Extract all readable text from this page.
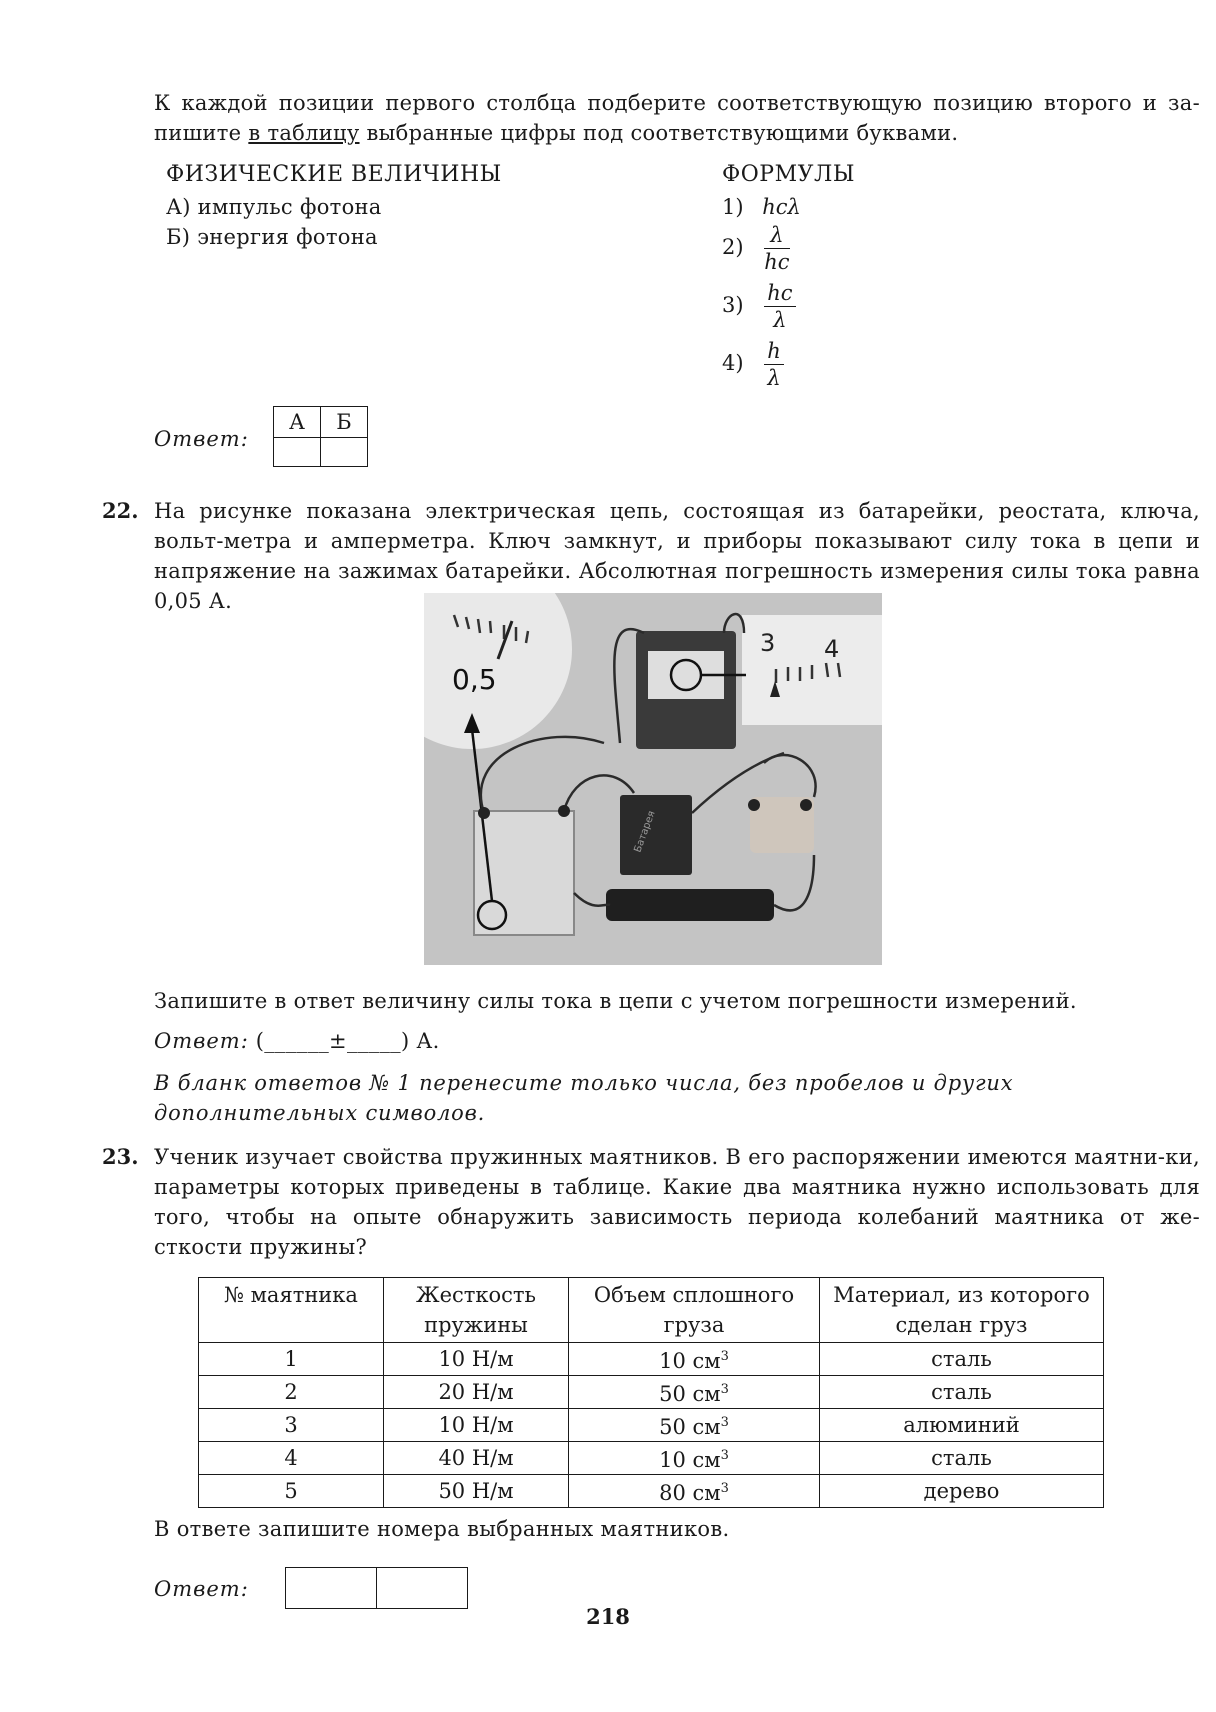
К каждой позиции первого столбца подберите соответствующую позицию второго и за-пишите в таблицу выбранные цифры под соответствующими буквами.
ФИЗИЧЕСКИЕ ВЕЛИЧИНЫ	ФОРМУЛЫ
А) импульс фотона
Б) энергия фотона
1) hcλ
$2) \frac{\lambda}{hc}$
$3) \frac{hc}{\lambda}$
$4) \frac{h}{\lambda}$
Ответ:
А	Б

22. На рисунке показана электрическая цепь, состоящая из батарейки, реостата, ключа, вольт-метра и амперметра. Ключ замкнут, и приборы показывают силу тока в цепи и напряжение на зажимах батарейки. Абсолютная погрешность измерения силы тока равна 0,05 А.
0,5
3 4
Батарея
Запишите в ответ величину силы тока в цепи с учетом погрешности измерений.
Ответ: (______±_____) А.
В бланк ответов № 1 перенесите только числа, без пробелов и других дополнительных символов.
23. Ученик изучает свойства пружинных маятников. В его распоряжении имеются маятни-ки, параметры которых приведены в таблице. Какие два маятника нужно использовать для того, чтобы на опыте обнаружить зависимость периода колебаний маятника от же-сткости пружины?
№ маятника	Жесткость пружины	Объем сплошного груза	Материал, из которого сделан груз
1	10 Н/м	10 $см^3$	сталь
2	20 Н/м	50 $см^3$	сталь
3	10 Н/м	50 $см^3$	алюминий
4	40 Н/м	10 $см^3$	сталь
5	50 Н/м	80 $см^3$	дерево
В ответе запишите номера выбранных маятников.
Ответ:

218
